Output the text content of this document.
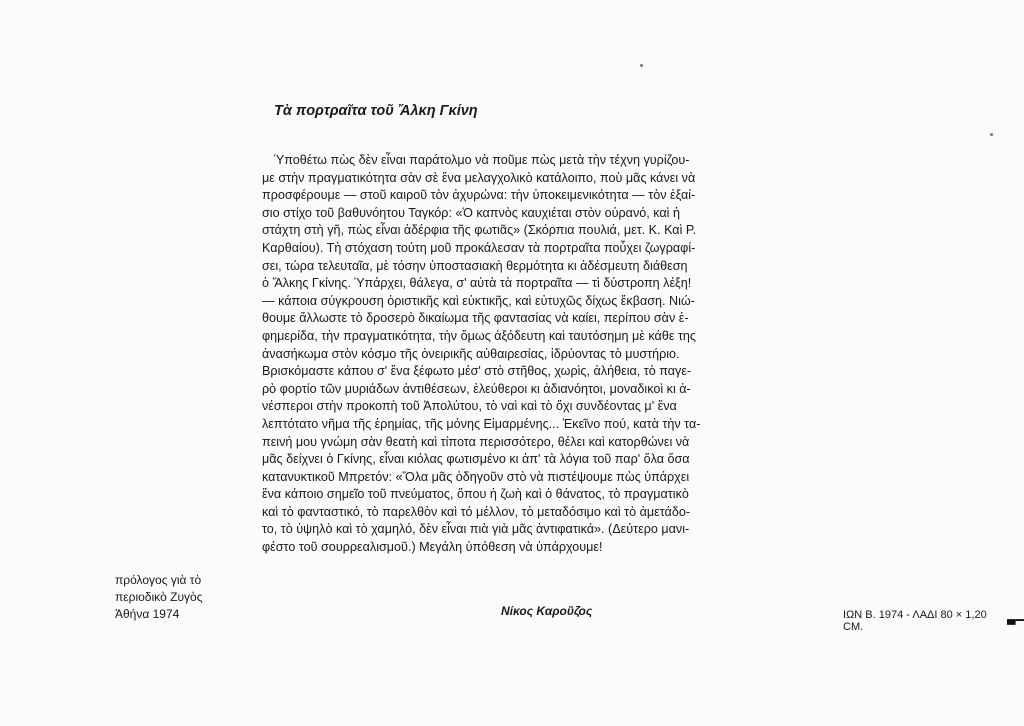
Τὰ πορτραῖτα τοῦ Ἄλκη Γκίνη
Ὑποθέτω πὼς δὲν εἶναι παράτολμο νὰ ποῦμε πὼς μετὰ τὴν τέχνη γυρίζου-
με στὴν πραγματικότητα σὰν σὲ ἕνα μελαγχολικὸ κατάλοιπο, ποὺ μᾶς κάνει νὰ
προσφέρουμε — στοῦ καιροῦ τὸν ἀχυρώνα: τὴν ὑποκειμενικότητα — τὸν ἐξαί-
σιο στίχο τοῦ βαθυνόητου Ταγκόρ: «Ὁ καπνὸς καυχιέται στὸν οὐρανό, καὶ ἡ
στάχτη στὴ γῆ, πὼς εἶναι ἀδέρφια τῆς φωτιᾶς» (Σκόρπια πουλιά, μετ. Κ. Καὶ Ρ.
Καρθαίου). Τὴ στόχαση τούτη μοῦ προκάλεσαν τὰ πορτραῖτα ποὖχει ζωγραφί-
σει, τώρα τελευταῖα, μὲ τόσην ὑποστασιακὴ θερμότητα κι ἀδέσμευτη διάθεση
ὁ Ἄλκης Γκίνης. Ὑπάρχει, θάλεγα, σ' αὐτὰ τὰ πορτραῖτα — τὶ δύστροπη λέξη!
— κάποια σύγκρουση ὁριστικῆς καὶ εὐκτικῆς, καὶ εὐτυχῶς δίχως ἔκβαση. Νιώ-
θουμε ἄλλωστε τὸ δροσερὸ δικαίωμα τῆς φαντασίας νὰ καίει, περίπου σὰν ἐ-
φημερίδα, τὴν πραγματικότητα, τὴν ὅμως ἀξόδευτη καὶ ταυτόσημη μὲ κάθε της
ἀνασήκωμα στὸν κόσμο τῆς ὀνειρικῆς αὐθαιρεσίας, ἱδρύοντας τὸ μυστήριο.
Βρισκόμαστε κάπου σ' ἕνα ξέφωτο μέσ' στὸ στῆθος, χωρὶς, ἀλήθεια, τὸ παγε-
ρὸ φορτίο τῶν μυριάδων ἀντιθέσεων, ἐλεύθεροι κι ἀδιανόητοι, μοναδικοὶ κι ἀ-
νέσπεροι στὴν προκοπὴ τοῦ Ἀπολύτου, τὸ ναὶ καὶ τὸ ὄχι συνδέοντας μ' ἕνα
λεπτότατο νῆμα τῆς ἐρημίας, τῆς μόνης Εἱμαρμένης... Ἐκεῖνο πού, κατὰ τὴν τα-
πεινή μου γνώμη σὰν θεατὴ καὶ τίποτα περισσότερο, θέλει καὶ κατορθώνει νὰ
μᾶς δείχνει ὁ Γκίνης, εἶναι κιόλας φωτισμένο κι ἀπ' τὰ λόγια τοῦ παρ' ὅλα ὅσα
κατανυκτικοῦ Μπρετόν: «Ὅλα μᾶς ὁδηγοῦν στὸ νὰ πιστέψουμε πὼς ὑπάρχει
ἕνα κάποιο σημεῖο τοῦ πνεύματος, ὅπου ἡ ζωὴ καὶ ὁ θάνατος, τὸ πραγματικὸ
καὶ τὸ φανταστικό, τὸ παρελθὸν καὶ τό μέλλον, τὸ μεταδόσιμο καὶ τὸ ἀμετάδο-
το, τὸ ὑψηλὸ καὶ τὸ χαμηλό, δὲν εἶναι πιὰ γιὰ μᾶς ἀντιφατικά». (Δεύτερο μανι-
φέστο τοῦ σουρρεαλισμοῦ.) Μεγάλη ὑπόθεση νὰ ὑπάρχουμε!
πρόλογος γιὰ τὸ
περιοδικὸ Ζυγὸς
Ἀθήνα 1974	Νίκος Καροῦζος	ΙΩΝ Β. 1974 - ΛΑΔΙ 80 × 1,20 CM.
